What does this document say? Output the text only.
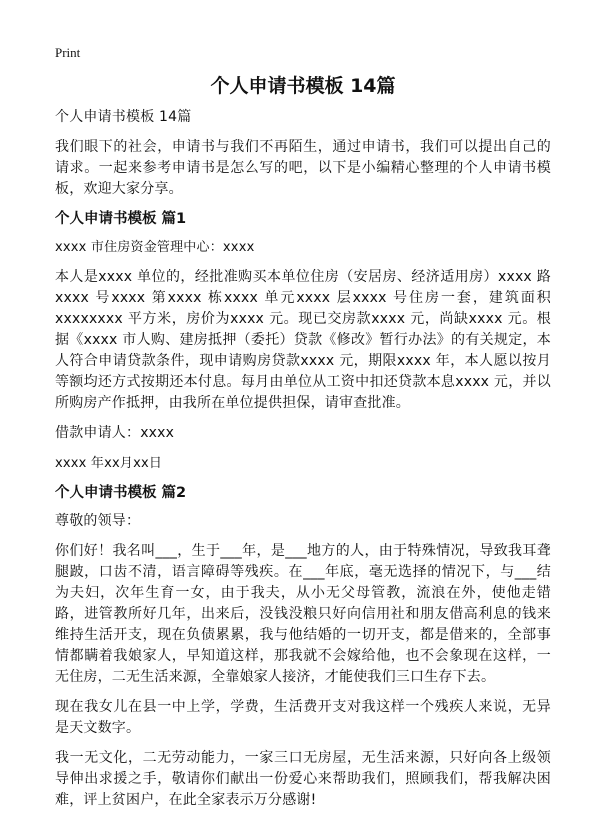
Print
个人申请书模板 14篇

个人申请书模板 14篇

我们眼下的社会，申请书与我们不再陌生，通过申请书，我们可以提出自己的请求。一起来参考申请书是怎么写的吧，以下是小编精心整理的个人申请书模板，欢迎大家分享。

个人申请书模板 篇1

xxxx 市住房资金管理中心：xxxx

本人是xxxx 单位的，经批准购买本单位住房（安居房、经济适用房）xxxx 路xxxx 号xxxx 第xxxx 栋xxxx 单元xxxx 层xxxx 号住房一套，建筑面积xxxxxxxx 平方米，房价为xxxx 元。现已交房款xxxx 元，尚缺xxxx 元。根据《xxxx 市人购、建房抵押（委托）贷款《修改》暂行办法》的有关规定，本人符合申请贷款条件，现申请购房贷款xxxx 元，期限xxxx 年，本人愿以按月等额均还方式按期还本付息。每月由单位从工资中扣还贷款本息xxxx 元，并以所购房产作抵押，由我所在单位提供担保，请审查批准。

借款申请人：xxxx

xxxx 年xx月xx日

个人申请书模板 篇2

尊敬的领导：

你们好！我名叫___，生于___年，是___地方的人，由于特殊情况，导致我耳聋腿跛，口齿不清，语言障碍等残疾。在___年底，毫无选择的情况下，与___结为夫妇，次年生育一女，由于我夫，从小无父母管教，流浪在外，使他走错路，进管教所好几年，出来后，没钱没粮只好向信用社和朋友借高利息的钱来维持生活开支，现在负债累累，我与他结婚的一切开支，都是借来的，全部事情都瞒着我娘家人，早知道这样，那我就不会嫁给他，也不会象现在这样，一无住房，二无生活来源，全靠娘家人接济，才能使我们三口生存下去。

现在我女儿在县一中上学，学费，生活费开支对我这样一个残疾人来说，无异是天文数字。

我一无文化，二无劳动能力，一家三口无房屋，无生活来源，只好向各上级领导伸出求援之手，敬请你们献出一份爱心来帮助我们，照顾我们，帮我解决困难，评上贫困户，在此全家表示万分感谢!
